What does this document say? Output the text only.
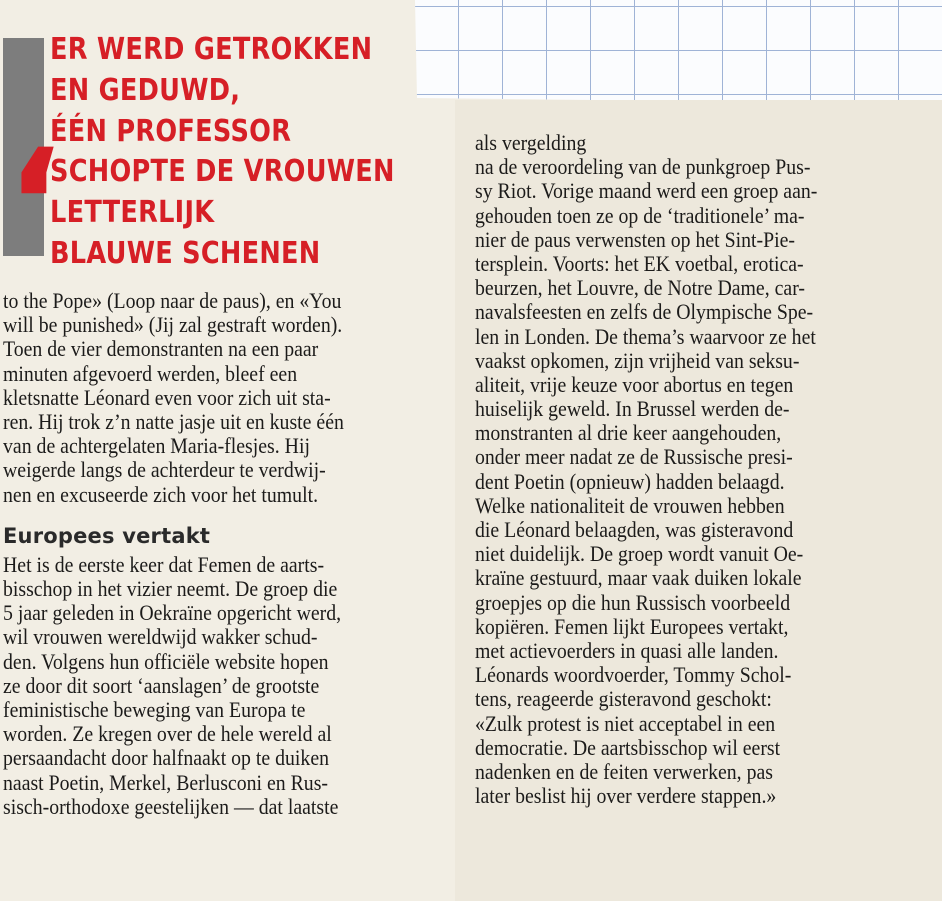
‘
ER WERD GETROKKEN
EN GEDUWD,
ÉÉN PROFESSOR
SCHOPTE DE VROUWEN
LETTERLIJK
BLAUWE SCHENEN
to the Pope» (Loop naar de paus), en «You
will be punished» (Jij zal gestraft worden).
Toen de vier demonstranten na een paar
minuten afgevoerd werden, bleef een
kletsnatte Léonard even voor zich uit sta-
ren. Hij trok z’n natte jasje uit en kuste één
van de achtergelaten Maria-flesjes. Hij
weigerde langs de achterdeur te verdwij-
nen en excuseerde zich voor het tumult.
Europees vertakt
Het is de eerste keer dat Femen de aarts-
bisschop in het vizier neemt. De groep die
5 jaar geleden in Oekraïne opgericht werd,
wil vrouwen wereldwijd wakker schud-
den. Volgens hun officiële website hopen
ze door dit soort ‘aanslagen’ de grootste
feministische beweging van Europa te
worden. Ze kregen over de hele wereld al
persaandacht door halfnaakt op te duiken
naast Poetin, Merkel, Berlusconi en Rus-
sisch-orthodoxe geestelijken — dat laatste
als vergelding
na de veroordeling van de punkgroep Pus-
sy Riot. Vorige maand werd een groep aan-
gehouden toen ze op de ‘traditionele’ ma-
nier de paus verwensten op het Sint-Pie-
tersplein. Voorts: het EK voetbal, erotica-
beurzen, het Louvre, de Notre Dame, car-
navalsfeesten en zelfs de Olympische Spe-
len in Londen. De thema’s waarvoor ze het
vaakst opkomen, zijn vrijheid van seksu-
aliteit, vrije keuze voor abortus en tegen
huiselijk geweld. In Brussel werden de-
monstranten al drie keer aangehouden,
onder meer nadat ze de Russische presi-
dent Poetin (opnieuw) hadden belaagd.
Welke nationaliteit de vrouwen hebben
die Léonard belaagden, was gisteravond
niet duidelijk. De groep wordt vanuit Oe-
kraïne gestuurd, maar vaak duiken lokale
groepjes op die hun Russisch voorbeeld
kopiëren. Femen lijkt Europees vertakt,
met actievoerders in quasi alle landen.
Léonards woordvoerder, Tommy Schol-
tens, reageerde gisteravond geschokt:
«Zulk protest is niet acceptabel in een
democratie. De aartsbisschop wil eerst
nadenken en de feiten verwerken, pas
later beslist hij over verdere stappen.»
